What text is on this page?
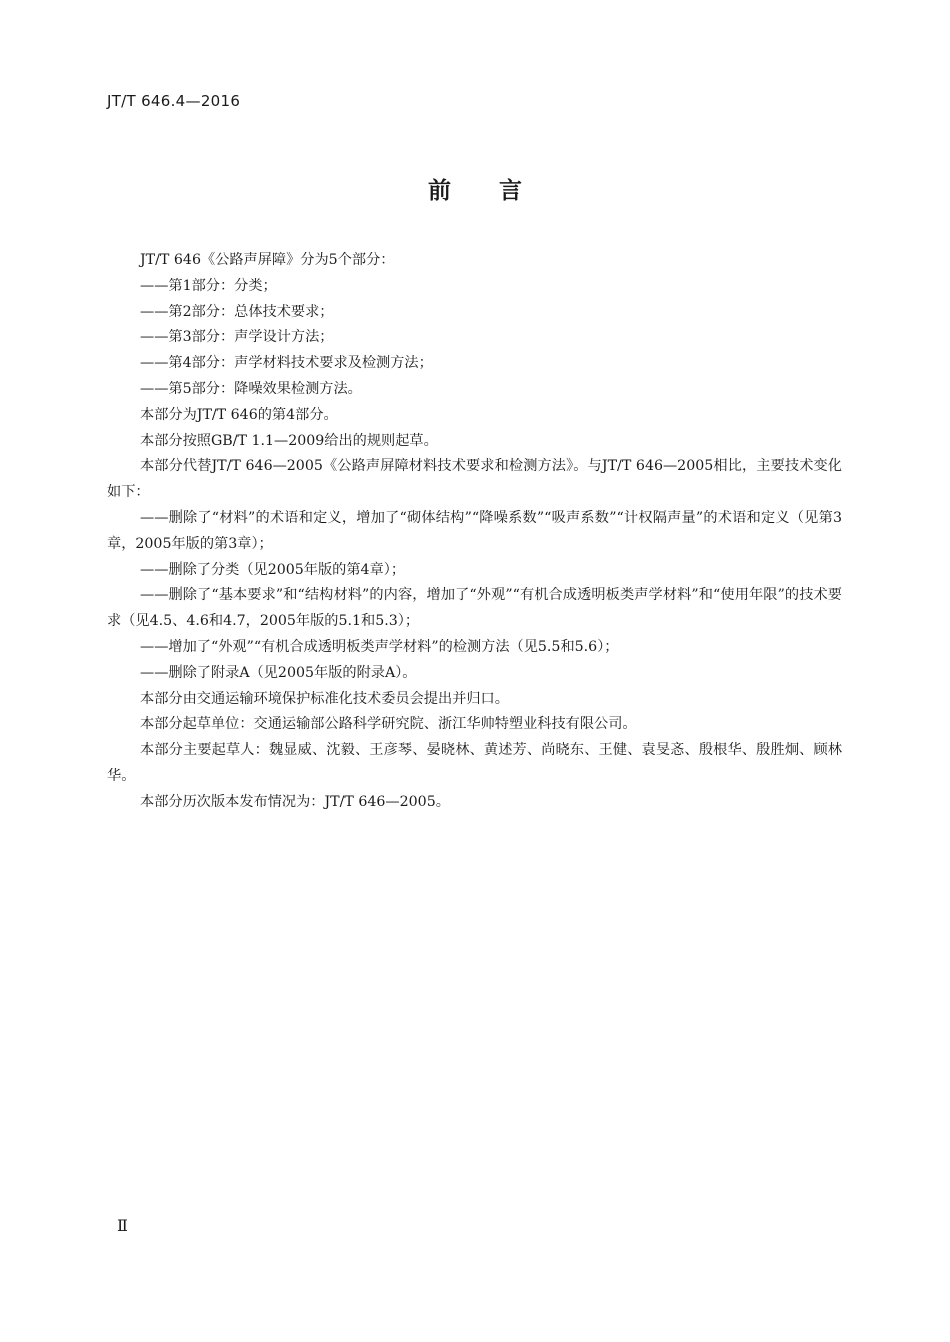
JT/T 646.4—2016
前言

JT/T 646《公路声屏障》分为5个部分：

——第1部分：分类；

——第2部分：总体技术要求；

——第3部分：声学设计方法；

——第4部分：声学材料技术要求及检测方法；

——第5部分：降噪效果检测方法。

本部分为JT/T 646的第4部分。

本部分按照GB/T 1.1—2009给出的规则起草。

本部分代替JT/T 646—2005《公路声屏障材料技术要求和检测方法》。与JT/T 646—2005相比，主要技术变化如下：

——删除了“材料”的术语和定义，增加了“砌体结构”“降噪系数”“吸声系数”“计权隔声量”的术语和定义（见第3章，2005年版的第3章）；

——删除了分类（见2005年版的第4章）；

——删除了“基本要求”和“结构材料”的内容，增加了“外观”“有机合成透明板类声学材料”和“使用年限”的技术要求（见4.5、4.6和4.7，2005年版的5.1和5.3）；

——增加了“外观”“有机合成透明板类声学材料”的检测方法（见5.5和5.6）；

——删除了附录A（见2005年版的附录A）。

本部分由交通运输环境保护标准化技术委员会提出并归口。

本部分起草单位：交通运输部公路科学研究院、浙江华帅特塑业科技有限公司。

本部分主要起草人：魏显威、沈毅、王彦琴、晏晓林、黄述芳、尚晓东、王健、袁旻忞、殷根华、殷胜炯、顾林华。

本部分历次版本发布情况为：JT/T 646—2005。

Ⅱ
